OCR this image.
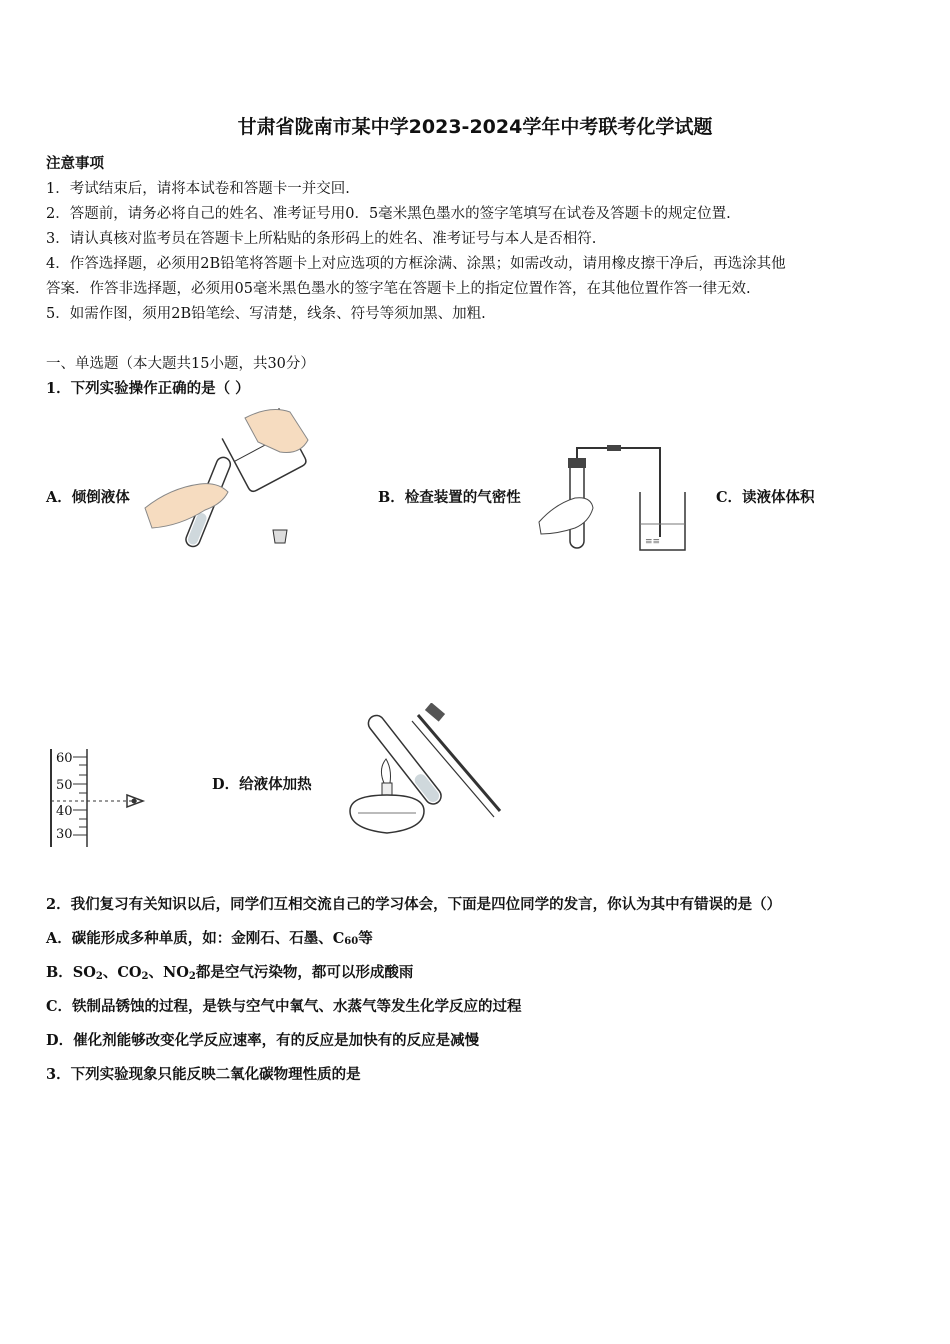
甘肃省陇南市某中学2023-2024学年中考联考化学试题
注意事项
1．考试结束后，请将本试卷和答题卡一并交回.
2．答题前，请务必将自己的姓名、准考证号用0．5毫米黑色墨水的签字笔填写在试卷及答题卡的规定位置.
3．请认真核对监考员在答题卡上所粘贴的条形码上的姓名、准考证号与本人是否相符.
4．作答选择题，必须用2B铅笔将答题卡上对应选项的方框涂满、涂黑；如需改动，请用橡皮擦干净后，再选涂其他
答案．作答非选择题，必须用05毫米黑色墨水的签字笔在答题卡上的指定位置作答，在其他位置作答一律无效.
5．如需作图，须用2B铅笔绘、写清楚，线条、符号等须加黑、加粗.
一、单选题（本大题共15小题，共30分）
1．下列实验操作正确的是（ ）
A．倾倒液体	B．检查装置的气密性
≡≡
C．读液体体积
60
50
40
30
D．给液体加热
2．我们复习有关知识以后，同学们互相交流自己的学习体会，下面是四位同学的发言，你认为其中有错误的是（）
A．碳能形成多种单质，如：金刚石、石墨、C60等
B．$SO_2$、$CO_2$、$NO_2$都是空气污染物，都可以形成酸雨
C．铁制品锈蚀的过程，是铁与空气中氧气、水蒸气等发生化学反应的过程
D．催化剂能够改变化学反应速率，有的反应是加快有的反应是减慢
3．下列实验现象只能反映二氧化碳物理性质的是
